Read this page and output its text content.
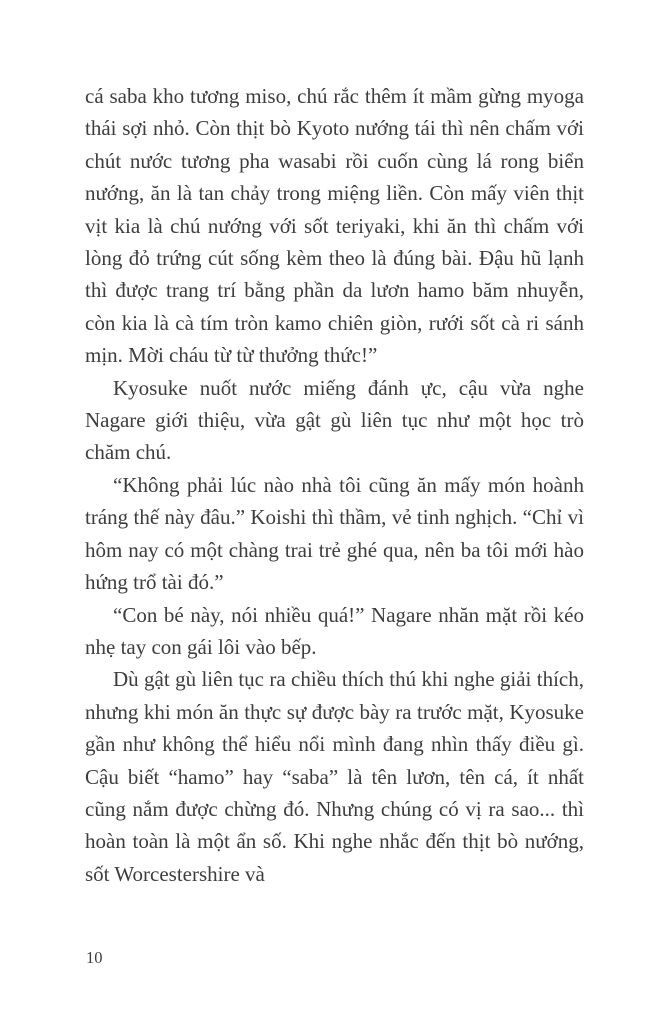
cá saba kho tương miso, chú rắc thêm ít mầm gừng myoga thái sợi nhỏ. Còn thịt bò Kyoto nướng tái thì nên chấm với chút nước tương pha wasabi rồi cuốn cùng lá rong biển nướng, ăn là tan chảy trong miệng liền. Còn mấy viên thịt vịt kia là chú nướng với sốt teriyaki, khi ăn thì chấm với lòng đỏ trứng cút sống kèm theo là đúng bài. Đậu hũ lạnh thì được trang trí bằng phần da lươn hamo băm nhuyễn, còn kia là cà tím tròn kamo chiên giòn, rưới sốt cà ri sánh mịn. Mời cháu từ từ thưởng thức!”

Kyosuke nuốt nước miếng đánh ực, cậu vừa nghe Nagare giới thiệu, vừa gật gù liên tục như một học trò chăm chú.

“Không phải lúc nào nhà tôi cũng ăn mấy món hoành tráng thế này đâu.” Koishi thì thầm, vẻ tinh nghịch. “Chỉ vì hôm nay có một chàng trai trẻ ghé qua, nên ba tôi mới hào hứng trổ tài đó.”

“Con bé này, nói nhiều quá!” Nagare nhăn mặt rồi kéo nhẹ tay con gái lôi vào bếp.

Dù gật gù liên tục ra chiều thích thú khi nghe giải thích, nhưng khi món ăn thực sự được bày ra trước mặt, Kyosuke gần như không thể hiểu nổi mình đang nhìn thấy điều gì. Cậu biết “hamo” hay “saba” là tên lươn, tên cá, ít nhất cũng nắm được chừng đó. Nhưng chúng có vị ra sao... thì hoàn toàn là một ẩn số. Khi nghe nhắc đến thịt bò nướng, sốt Worcestershire và

10
